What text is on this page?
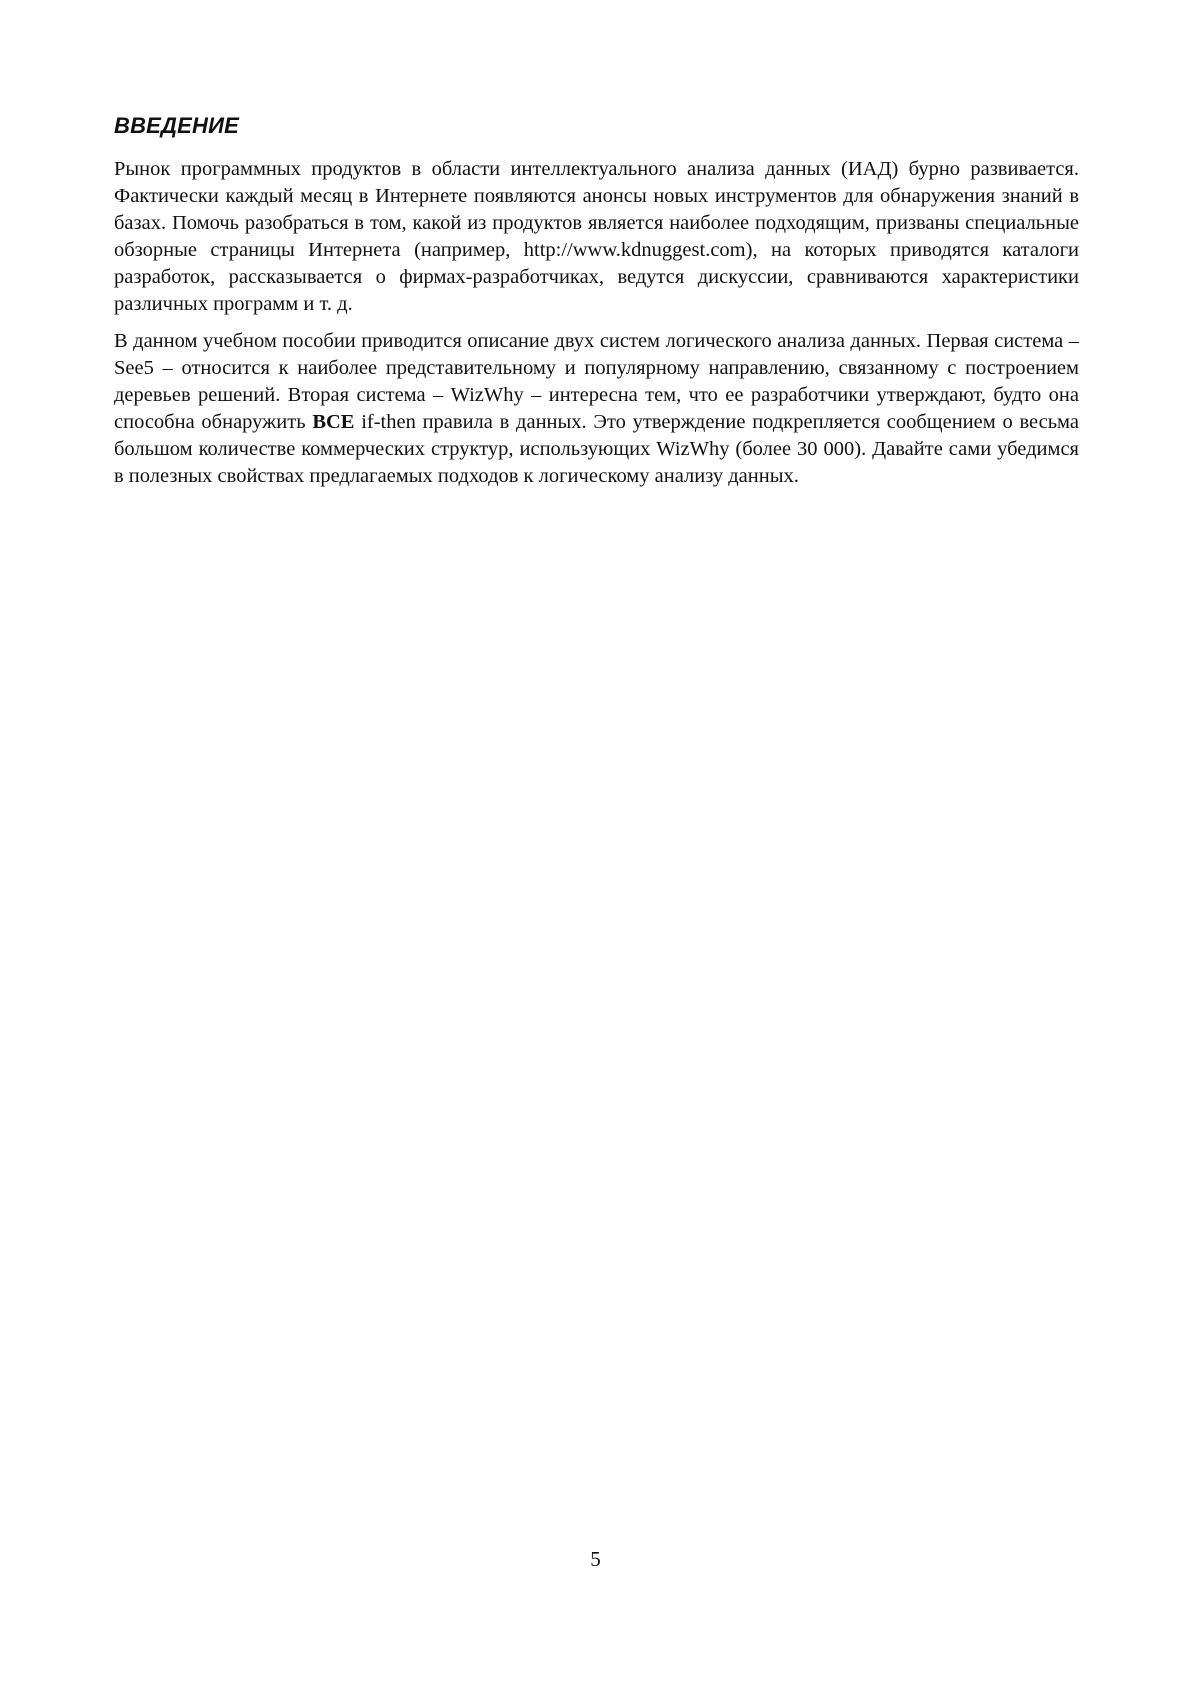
ВВЕДЕНИЕ

Рынок программных продуктов в области интеллектуального анализа данных (ИАД) бурно развивается. Фактически каждый месяц в Интернете появляются анонсы новых инструментов для обнаружения знаний в базах. Помочь разобраться в том, какой из продуктов является наиболее подходящим, призваны специальные обзорные страницы Интернета (например, http://www.kdnuggest.com), на которых приводятся каталоги разработок, рассказывается о фирмах-разработчиках, ведутся дискуссии, сравниваются характеристики различных программ и т. д.

В данном учебном пособии приводится описание двух систем логического анализа данных. Первая система – See5 – относится к наиболее представительному и популярному направлению, связанному с построением деревьев решений. Вторая система – WizWhy – интересна тем, что ее разработчики утверждают, будто она способна обнаружить ВСЕ if-then правила в данных. Это утверждение подкрепляется сообщением о весьма большом количестве коммерческих структур, использующих WizWhy (более 30 000). Давайте сами убедимся в полезных свойствах предлагаемых подходов к логическому анализу данных.

5
